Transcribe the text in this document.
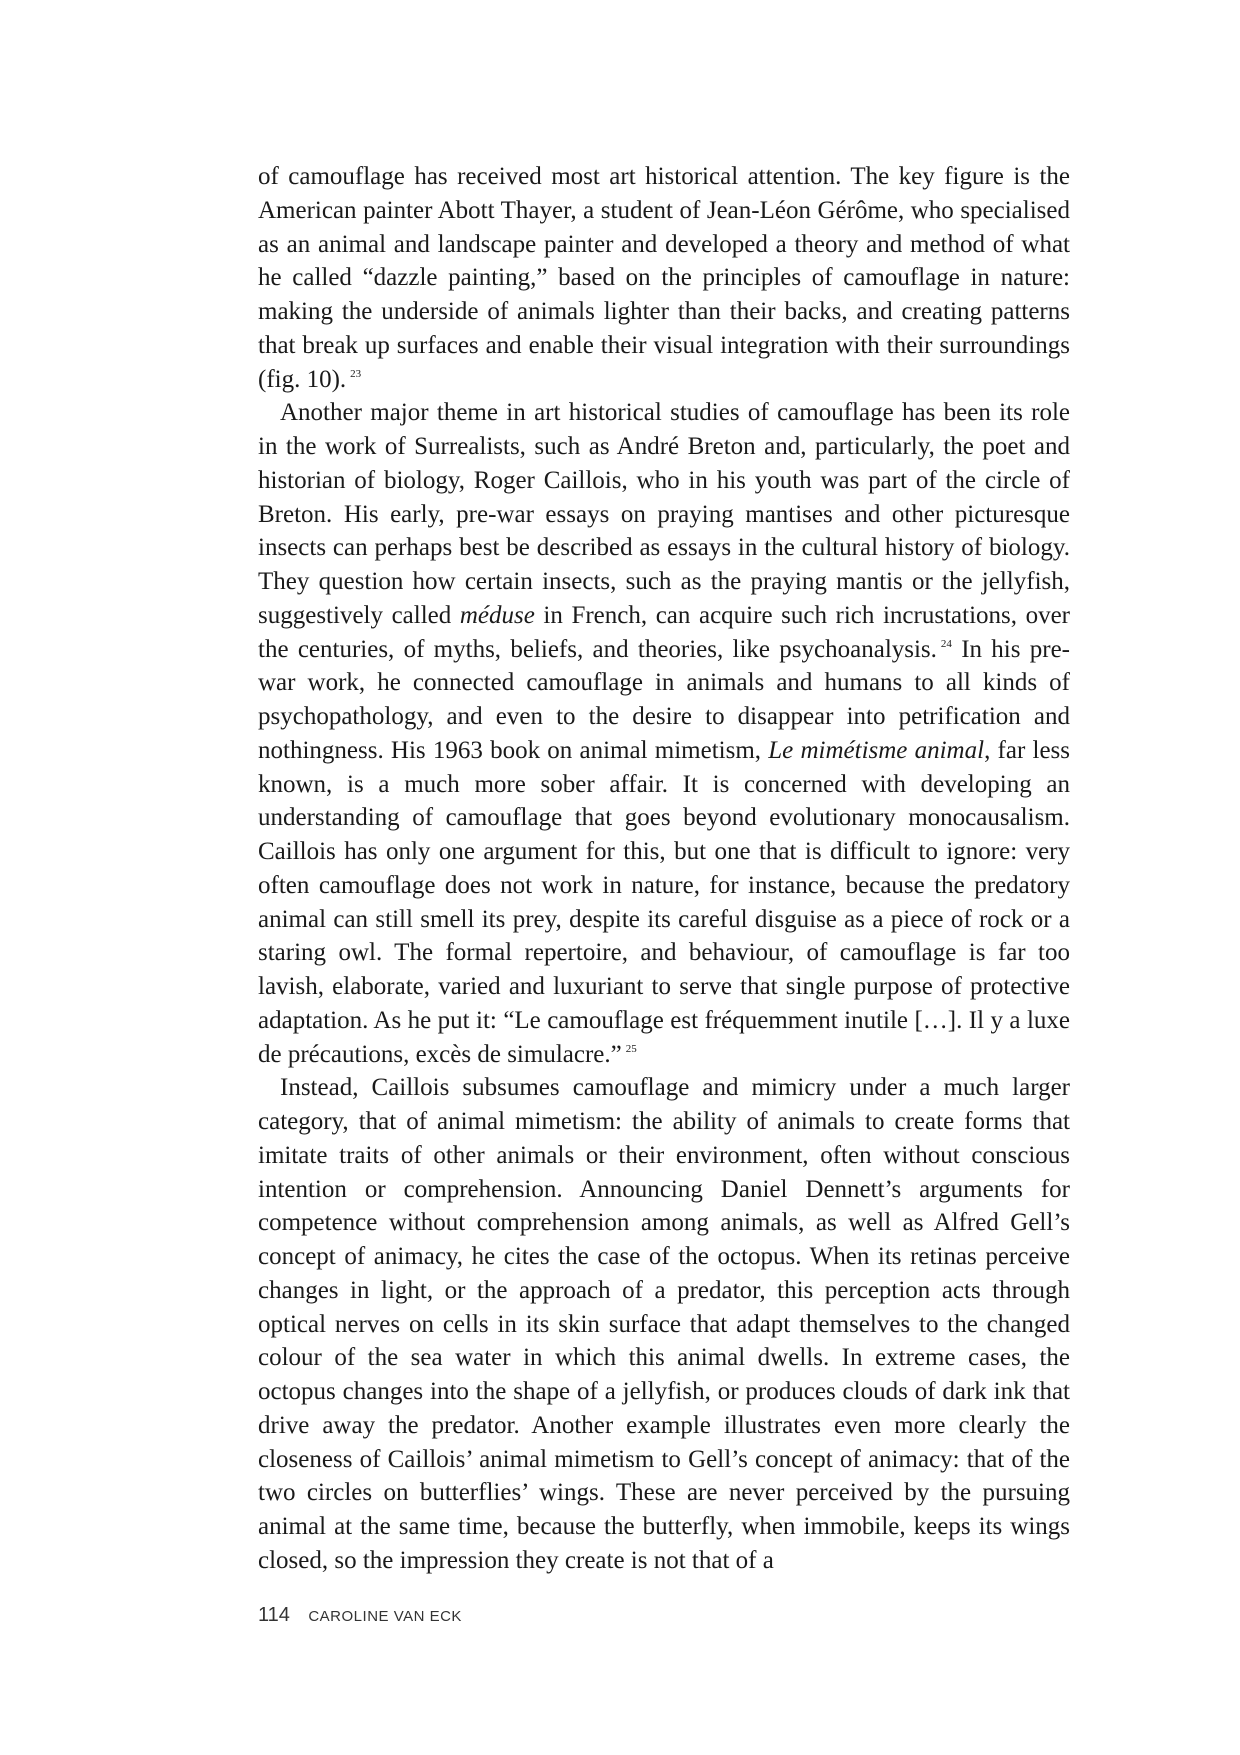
of camouflage has received most art historical attention. The key figure is the American painter Abott Thayer, a student of Jean-Léon Gérôme, who specialised as an animal and landscape painter and developed a theory and method of what he called “dazzle painting,” based on the principles of camouflage in nature: making the underside of animals lighter than their backs, and creating patterns that break up surfaces and enable their visual integration with their surroundings (fig. 10). $^{23}$

Another major theme in art historical studies of camouflage has been its role in the work of Surrealists, such as André Breton and, particularly, the poet and historian of biology, Roger Caillois, who in his youth was part of the circle of Breton. His early, pre-war essays on praying mantises and other picturesque insects can perhaps best be described as essays in the cultural history of biology. They question how certain insects, such as the praying mantis or the jellyfish, suggestively called méduse in French, can acquire such rich incrustations, over the centuries, of myths, beliefs, and theories, like psychoanalysis. $^{24}$ In his pre-war work, he connected camouflage in animals and humans to all kinds of psychopathology, and even to the desire to disappear into petrification and nothingness. His 1963 book on animal mimetism, Le mimétisme animal, far less known, is a much more sober affair. It is concerned with developing an understanding of camouflage that goes beyond evolutionary monocausalism. Caillois has only one argument for this, but one that is difficult to ignore: very often camouflage does not work in nature, for instance, because the predatory animal can still smell its prey, despite its careful disguise as a piece of rock or a staring owl. The formal repertoire, and behaviour, of camouflage is far too lavish, elaborate, varied and luxuriant to serve that single purpose of protective adaptation. As he put it: “Le camouflage est fréquemment inutile […]. Il y a luxe de précautions, excès de simulacre.” $^{25}$

Instead, Caillois subsumes camouflage and mimicry under a much larger category, that of animal mimetism: the ability of animals to create forms that imitate traits of other animals or their environment, often without conscious intention or comprehension. Announcing Daniel Dennett’s arguments for competence without comprehension among animals, as well as Alfred Gell’s concept of animacy, he cites the case of the octopus. When its retinas perceive changes in light, or the approach of a predator, this perception acts through optical nerves on cells in its skin surface that adapt themselves to the changed colour of the sea water in which this animal dwells. In extreme cases, the octopus changes into the shape of a jellyfish, or produces clouds of dark ink that drive away the predator. Another example illustrates even more clearly the closeness of Caillois’ animal mimetism to Gell’s concept of animacy: that of the two circles on butterflies’ wings. These are never perceived by the pursuing animal at the same time, because the butterfly, when immobile, keeps its wings closed, so the impression they create is not that of a

114 CAROLINE VAN ECK
